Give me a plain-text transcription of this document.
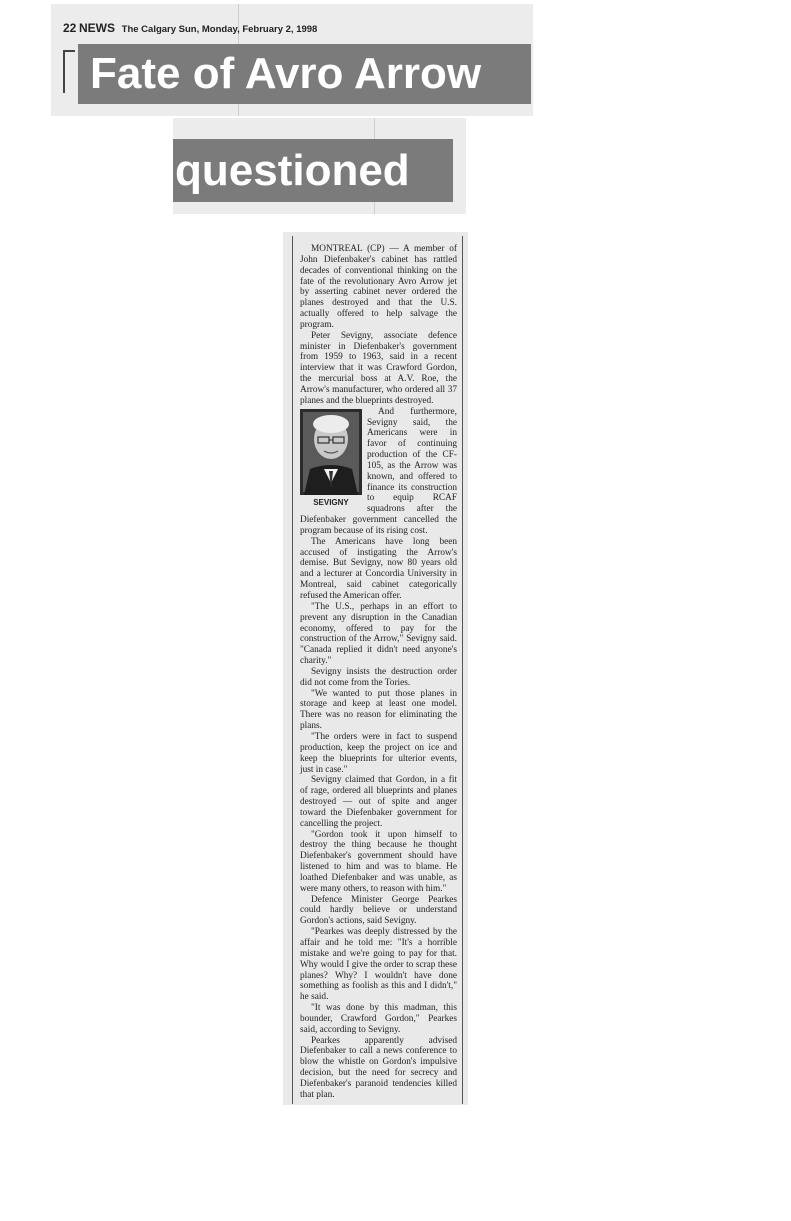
22 NEWS The Calgary Sun, Monday, February 2, 1998
Fate of Avro Arrow
questioned

MONTREAL (CP) — A member of John Diefenbaker's cabinet has rattled decades of conventional thinking on the fate of the revolutionary Avro Arrow jet by asserting cabinet never ordered the planes destroyed and that the U.S. actually offered to help salvage the program.

Peter Sevigny, associate defence minister in Diefenbaker's government from 1959 to 1963, said in a recent interview that it was Crawford Gordon, the mercurial boss at A.V. Roe, the Arrow's manufacturer, who ordered all 37 planes and the blueprints destroyed.

SEVIGNY

And furthermore, Sevigny said, the Americans were in favor of continuing production of the CF-105, as the Arrow was known, and offered to finance its construction to equip RCAF squadrons after the Diefenbaker government cancelled the program because of its rising cost.

The Americans have long been accused of instigating the Arrow's demise. But Sevigny, now 80 years old and a lecturer at Concordia University in Montreal, said cabinet categorically refused the American offer.

"The U.S., perhaps in an effort to prevent any disruption in the Canadian economy, offered to pay for the construction of the Arrow," Sevigny said. "Canada replied it didn't need anyone's charity."

Sevigny insists the destruction order did not come from the Tories.

"We wanted to put those planes in storage and keep at least one model. There was no reason for eliminating the plans.

"The orders were in fact to suspend production, keep the project on ice and keep the blueprints for ulterior events, just in case."

Sevigny claimed that Gordon, in a fit of rage, ordered all blueprints and planes destroyed — out of spite and anger toward the Diefenbaker government for cancelling the project.

"Gordon took it upon himself to destroy the thing because he thought Diefenbaker's government should have listened to him and was to blame. He loathed Diefenbaker and was unable, as were many others, to reason with him."

Defence Minister George Pearkes could hardly believe or understand Gordon's actions, said Sevigny.

"Pearkes was deeply distressed by the affair and he told me: "It's a horrible mistake and we're going to pay for that. Why would I give the order to scrap these planes? Why? I wouldn't have done something as foolish as this and I didn't," he said.

"It was done by this madman, this bounder, Crawford Gordon," Pearkes said, according to Sevigny.

Pearkes apparently advised Diefenbaker to call a news conference to blow the whistle on Gordon's impulsive decision, but the need for secrecy and Diefenbaker's paranoid tendencies killed that plan.
